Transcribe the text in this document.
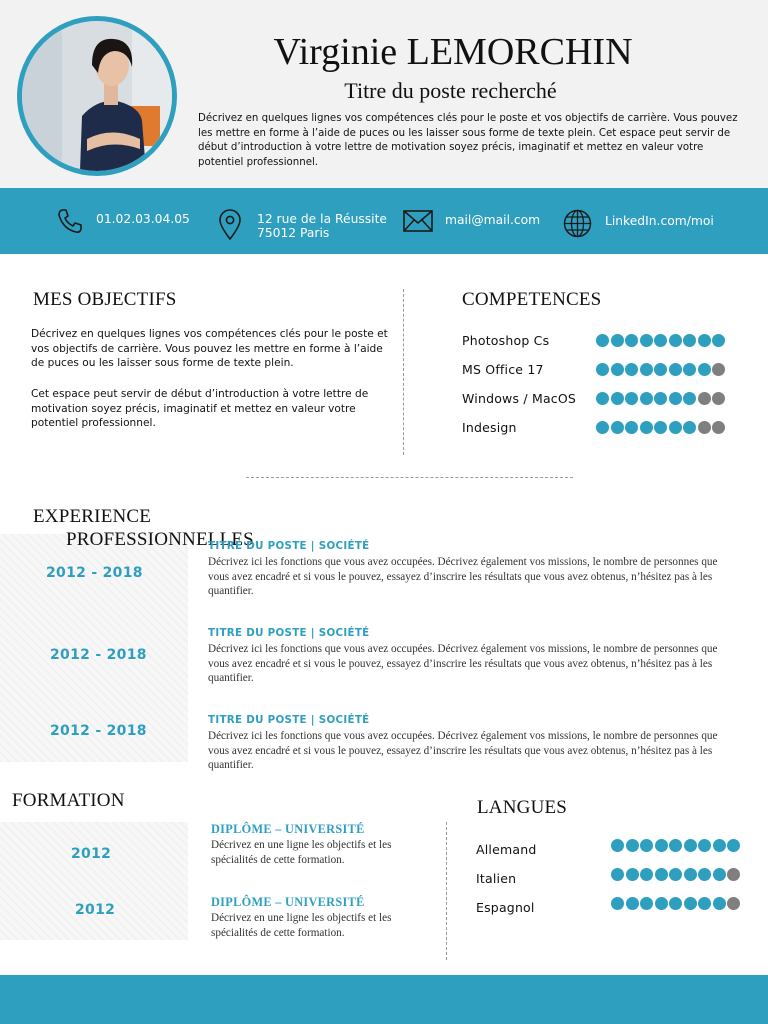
Virginie LEMORCHIN
Titre du poste recherché
Décrivez en quelques lignes vos compétences clés pour le poste et vos objectifs de carrière. Vous pouvez les mettre en forme à l’aide de puces ou les laisser sous forme de texte plein. Cet espace peut servir de début d’introduction à votre lettre de motivation soyez précis, imaginatif et mettez en valeur votre potentiel professionnel.
01.02.03.04.05	12 rue de la Réussite
75012 Paris
mail@mail.com	LinkedIn.com/moi
MES OBJECTIFS
Décrivez en quelques lignes vos compétences clés pour le poste et vos objectifs de carrière. Vous pouvez les mettre en forme à l’aide de puces ou les laisser sous forme de texte plein.
Cet espace peut servir de début d’introduction à votre lettre de motivation soyez précis, imaginatif et mettez en valeur votre potentiel professionnel.
COMPETENCES
Photoshop Cs
MS Office 17
Windows / MacOS
Indesign
EXPERIENCE
PROFESSIONNELLES
2012 - 2018
TITRE DU POSTE | SOCIÉTÉ
Décrivez ici les fonctions que vous avez occupées. Décrivez également vos missions, le nombre de personnes que vous avez encadré et si vous le pouvez, essayez d’inscrire les résultats que vous avez obtenus, n’hésitez pas à les quantifier.
2012 - 2018
TITRE DU POSTE | SOCIÉTÉ
Décrivez ici les fonctions que vous avez occupées. Décrivez également vos missions, le nombre de personnes que vous avez encadré et si vous le pouvez, essayez d’inscrire les résultats que vous avez obtenus, n’hésitez pas à les quantifier.
2012 - 2018
TITRE DU POSTE | SOCIÉTÉ
Décrivez ici les fonctions que vous avez occupées. Décrivez également vos missions, le nombre de personnes que vous avez encadré et si vous le pouvez, essayez d’inscrire les résultats que vous avez obtenus, n’hésitez pas à les quantifier.
FORMATION
2012
DIPLÔME – UNIVERSITÉ
Décrivez en une ligne les objectifs et les spécialités de cette formation.
2012	DIPLÔME – UNIVERSITÉ
Décrivez en une ligne les objectifs et les spécialités de cette formation.
LANGUES
Allemand
Italien
Espagnol
